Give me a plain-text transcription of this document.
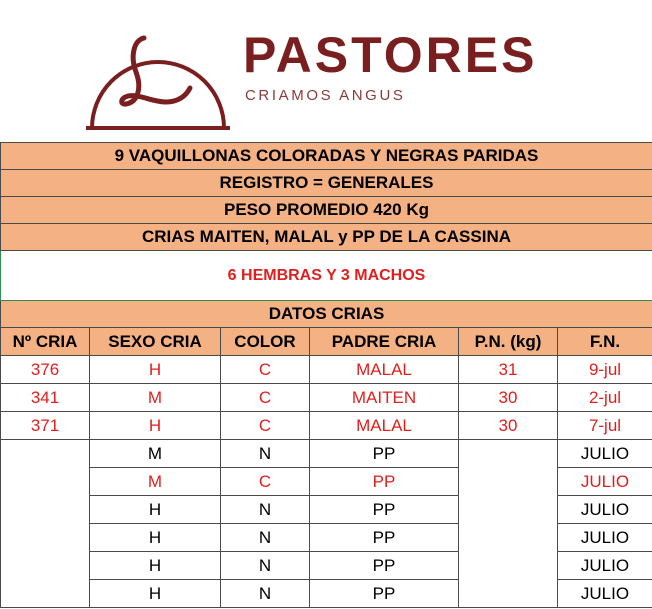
PASTORES
CRIAMOS ANGUS
9 VAQUILLONAS COLORADAS Y NEGRAS PARIDAS					
REGISTRO = GENERALES					
PESO PROMEDIO 420 Kg					
CRIAS MAITEN, MALAL y PP DE LA CASSINA					
6 HEMBRAS Y 3 MACHOS					
DATOS CRIAS					
Nº CRIA	SEXO CRIA	COLOR	PADRE CRIA	P.N. (kg)	F.N.
376	H	C	MALAL	31	9-jul
341	M	C	MAITEN	30	2-jul
371	H	C	MALAL	30	7-jul
	M	N	PP		JULIO
	M	C	PP		JULIO
	H	N	PP		JULIO
	H	N	PP		JULIO
	H	N	PP		JULIO
	H	N	PP		JULIO
